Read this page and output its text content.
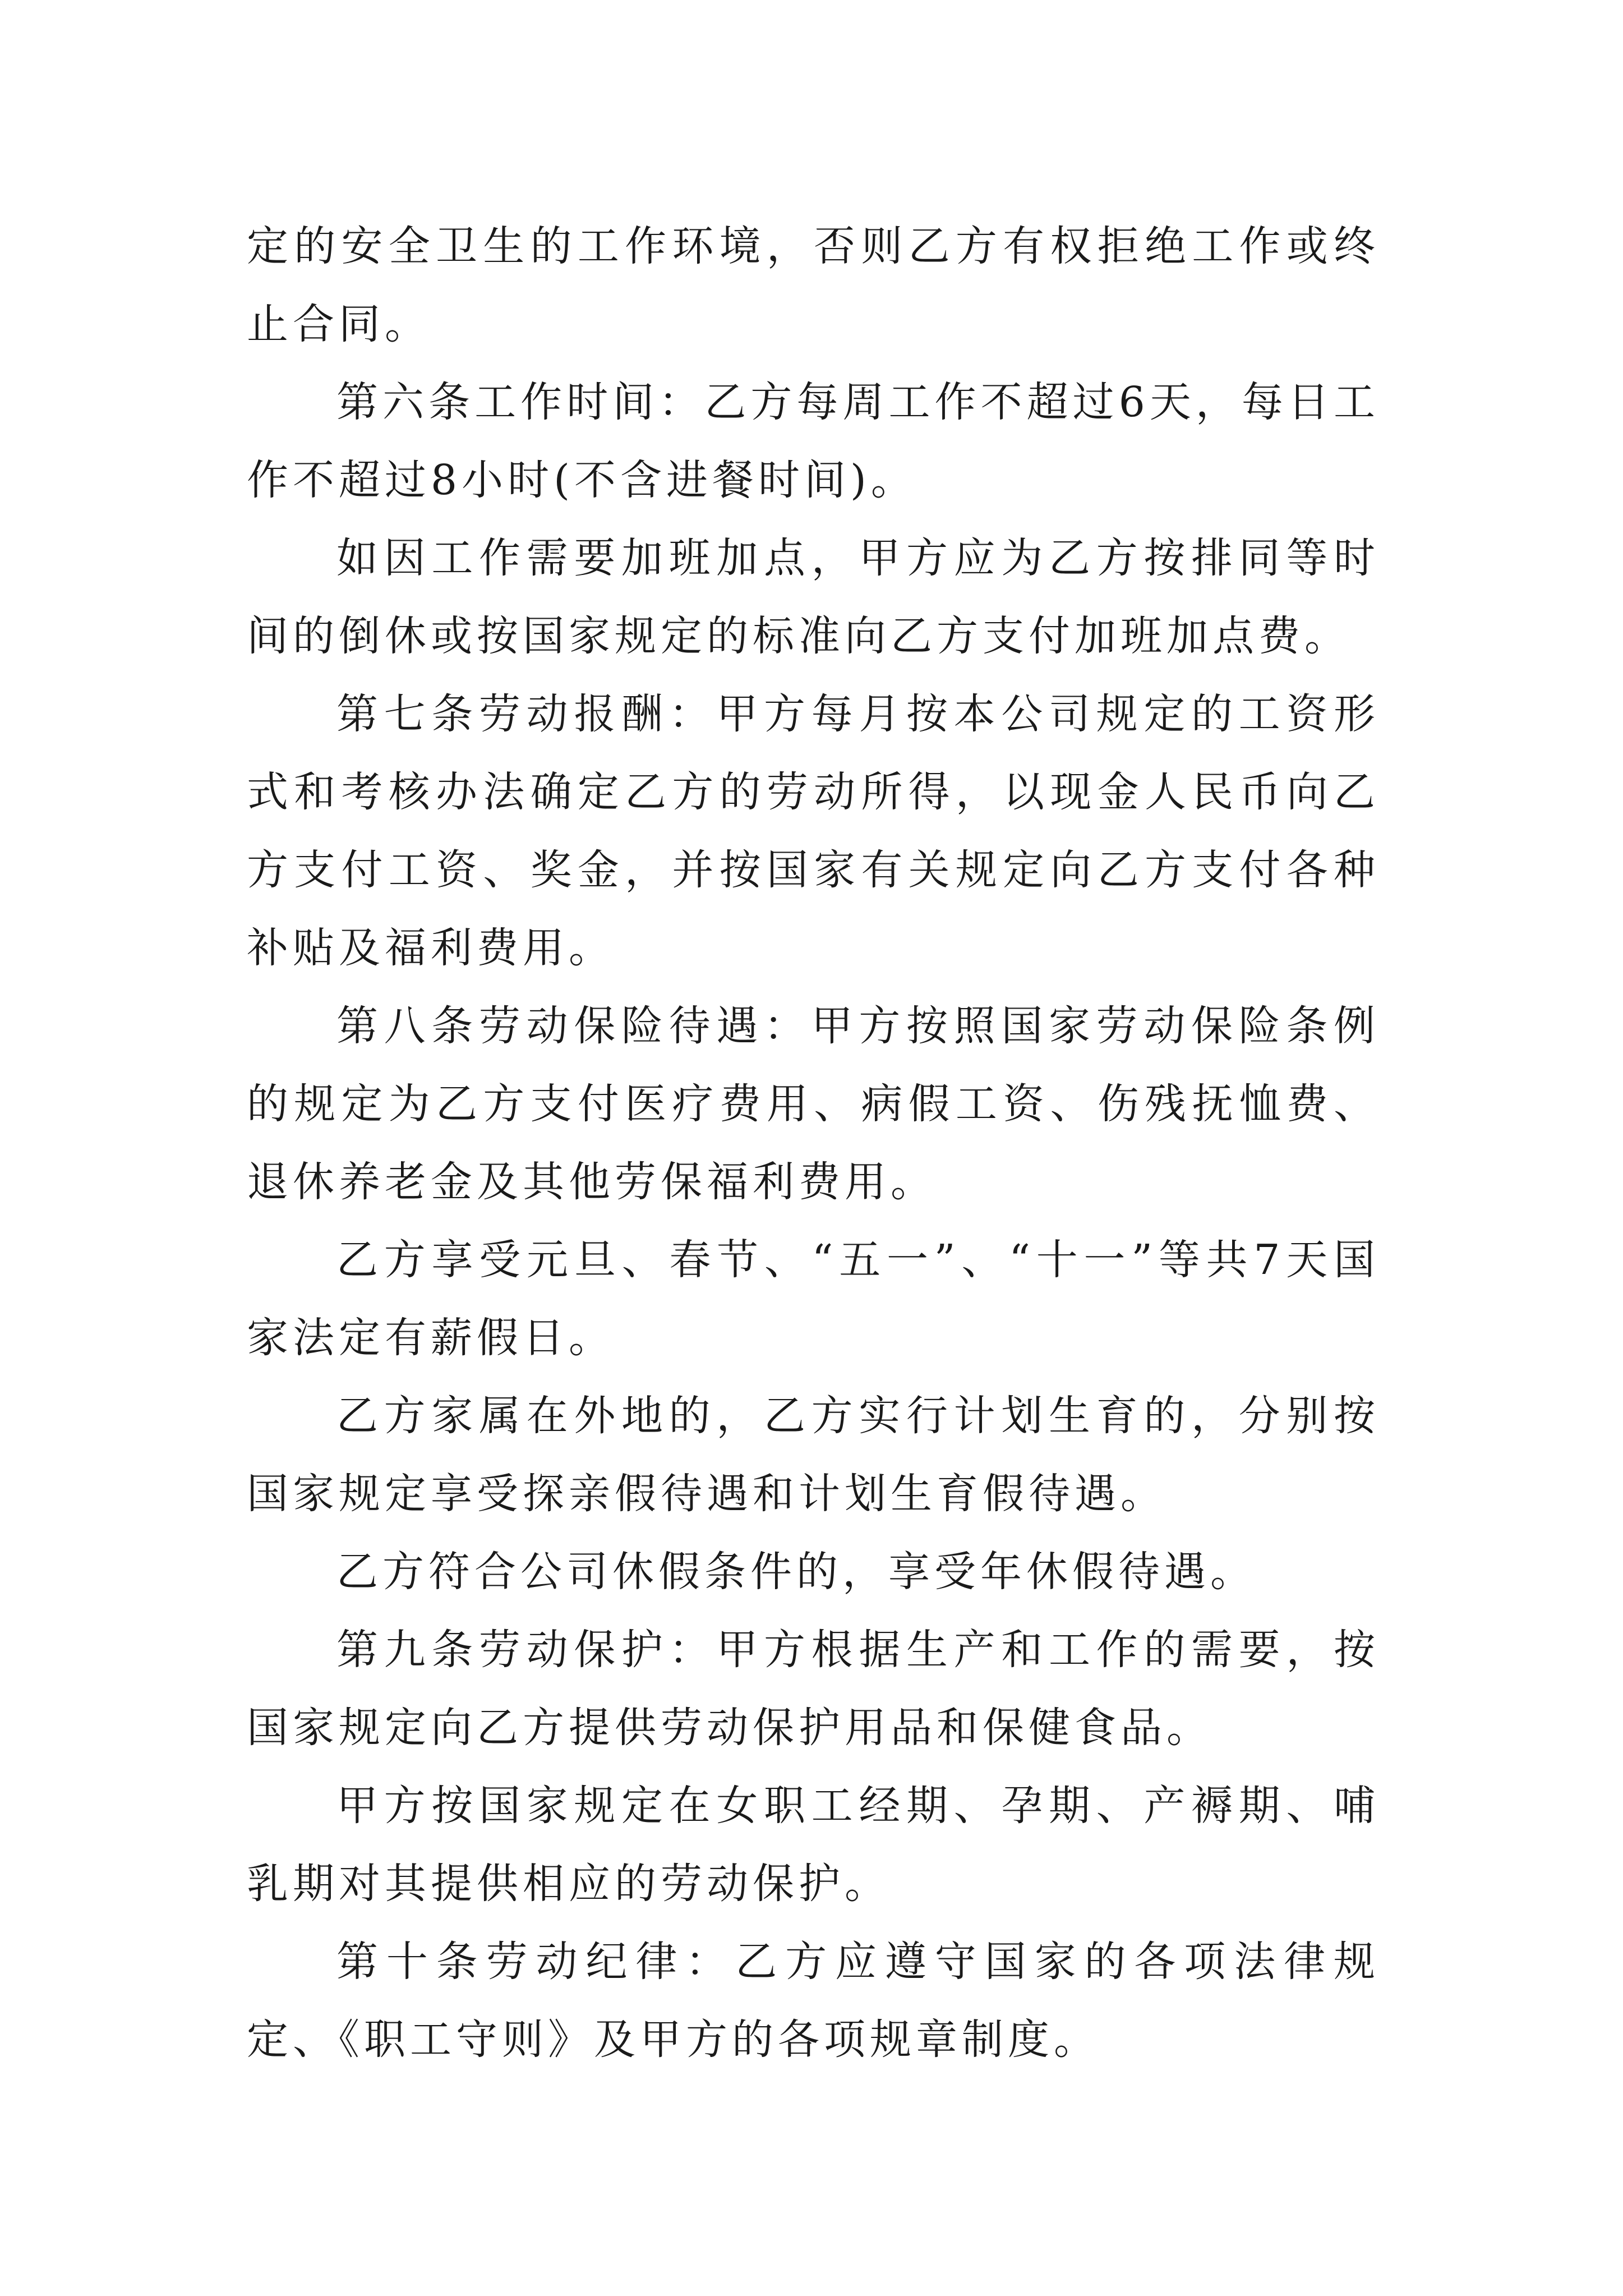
定的安全卫生的工作环境，否则乙方有权拒绝工作或终止合同。

第六条工作时间：乙方每周工作不超过6天，每日工作不超过8小时(不含进餐时间)。

如因工作需要加班加点，甲方应为乙方按排同等时间的倒休或按国家规定的标准向乙方支付加班加点费。

第七条劳动报酬：甲方每月按本公司规定的工资形式和考核办法确定乙方的劳动所得，以现金人民币向乙方支付工资、奖金，并按国家有关规定向乙方支付各种补贴及福利费用。

第八条劳动保险待遇：甲方按照国家劳动保险条例的规定为乙方支付医疗费用、病假工资、伤残抚恤费、退休养老金及其他劳保福利费用。

乙方享受元旦、春节、“五一”、“十一”等共7天国家法定有薪假日。

乙方家属在外地的，乙方实行计划生育的，分别按国家规定享受探亲假待遇和计划生育假待遇。

乙方符合公司休假条件的，享受年休假待遇。

第九条劳动保护：甲方根据生产和工作的需要，按国家规定向乙方提供劳动保护用品和保健食品。

甲方按国家规定在女职工经期、孕期、产褥期、哺乳期对其提供相应的劳动保护。

第十条劳动纪律：乙方应遵守国家的各项法律规定、《职工守则》及甲方的各项规章制度。
